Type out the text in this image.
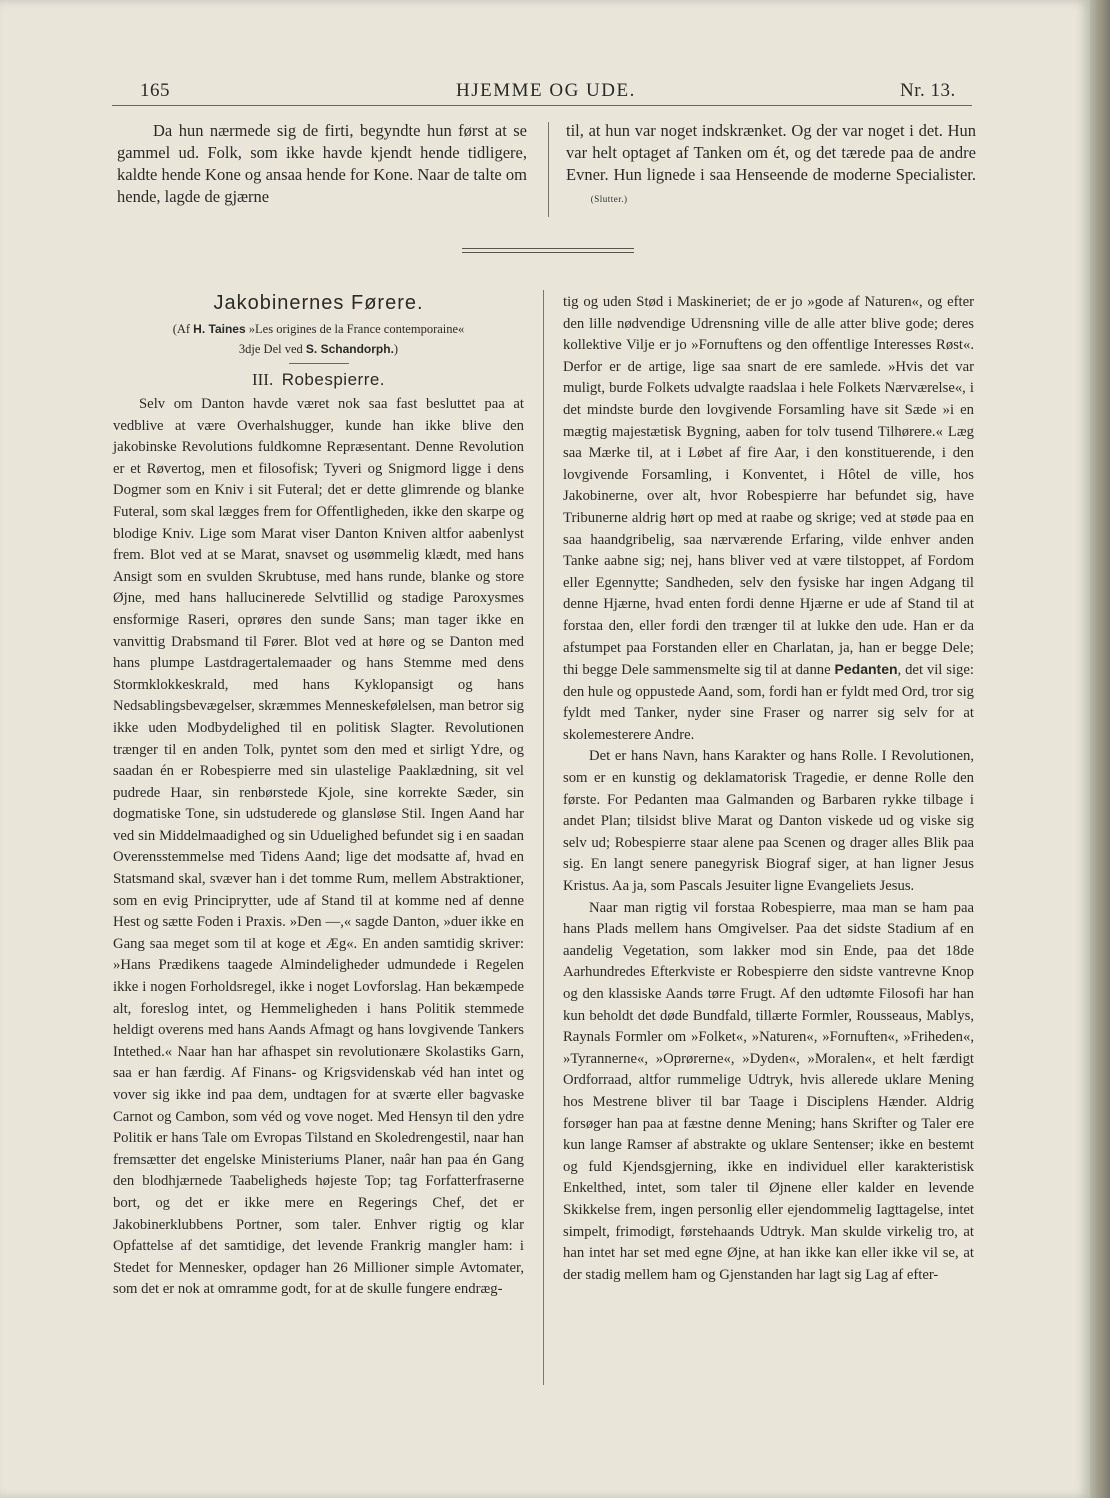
165	HJEMME OG UDE.	Nr. 13.

Da hun nærmede sig de firti, begyndte hun først at se gammel ud. Folk, som ikke havde kjendt hende tidligere, kaldte hende Kone og ansaa hende for Kone. Naar de talte om hende, lagde de gjærne

til, at hun var noget indskrænket. Og der var noget i det. Hun var helt optaget af Tanken om ét, og det tærede paa de andre Evner. Hun lignede i saa Henseende de moderne Specialister.       (Slutter.)

Jakobinernes Førere.
(Af H. Taines »Les origines de la France contemporaine«
3dje Del ved S. Schandorph.)
III. Robespierre.

Selv om Danton havde været nok saa fast besluttet paa at vedblive at være Overhalshugger, kunde han ikke blive den jakobinske Revolutions fuldkomne Repræsentant. Denne Revolution er et Røvertog, men et filosofisk; Tyveri og Snigmord ligge i dens Dogmer som en Kniv i sit Futeral; det er dette glimrende og blanke Futeral, som skal lægges frem for Offentligheden, ikke den skarpe og blodige Kniv. Lige som Marat viser Danton Kniven altfor aabenlyst frem. Blot ved at se Marat, snavset og usømmelig klædt, med hans Ansigt som en svulden Skrubtuse, med hans runde, blanke og store Øjne, med hans hallucinerede Selvtillid og stadige Paroxysmes ensformige Raseri, oprøres den sunde Sans; man tager ikke en vanvittig Drabsmand til Fører. Blot ved at høre og se Danton med hans plumpe Lastdragertalemaader og hans Stemme med dens Stormklokkeskrald, med hans Kyklopansigt og hans Nedsablingsbevægelser, skræmmes Menneskefølelsen, man betror sig ikke uden Modbydelighed til en politisk Slagter. Revolutionen trænger til en anden Tolk, pyntet som den med et sirligt Ydre, og saadan én er Robespierre med sin ulastelige Paaklædning, sit vel pudrede Haar, sin renbørstede Kjole, sine korrekte Sæder, sin dogmatiske Tone, sin udstuderede og glansløse Stil. Ingen Aand har ved sin Middelmaadighed og sin Uduelighed befundet sig i en saadan Overensstemmelse med Tidens Aand; lige det modsatte af, hvad en Statsmand skal, svæver han i det tomme Rum, mellem Abstraktioner, som en evig Principrytter, ude af Stand til at komme ned af denne Hest og sætte Foden i Praxis. »Den —,« sagde Danton, »duer ikke en Gang saa meget som til at koge et Æg«. En anden samtidig skriver: »Hans Prædikens taagede Almindeligheder udmundede i Regelen ikke i nogen Forholdsregel, ikke i noget Lovforslag. Han bekæmpede alt, foreslog intet, og Hemmeligheden i hans Politik stemmede heldigt overens med hans Aands Afmagt og hans lovgivende Tankers Intethed.« Naar han har afhaspet sin revolutionære Skolastiks Garn, saa er han færdig. Af Finans- og Krigsvidenskab véd han intet og vover sig ikke ind paa dem, undtagen for at sværte eller bagvaske Carnot og Cambon, som véd og vove noget. Med Hensyn til den ydre Politik er hans Tale om Evropas Tilstand en Skoledrengestil, naar han fremsætter det engelske Ministeriums Planer, naâr han paa én Gang den blodhjærnede Taabeligheds højeste Top; tag Forfatterfraserne bort, og det er ikke mere en Regerings Chef, det er Jakobinerklubbens Portner, som taler. Enhver rigtig og klar Opfattelse af det samtidige, det levende Frankrig mangler ham: i Stedet for Mennesker, opdager han 26 Millioner simple Avtomater, som det er nok at omramme godt, for at de skulle fungere endræg-

tig og uden Stød i Maskineriet; de er jo »gode af Naturen«, og efter den lille nødvendige Udrensning ville de alle atter blive gode; deres kollektive Vilje er jo »Fornuftens og den offentlige Interesses Røst«. Derfor er de artige, lige saa snart de ere samlede. »Hvis det var muligt, burde Folkets udvalgte raadslaa i hele Folkets Nærværelse«, i det mindste burde den lovgivende Forsamling have sit Sæde »i en mægtig majestætisk Bygning, aaben for tolv tusend Tilhørere.« Læg saa Mærke til, at i Løbet af fire Aar, i den konstituerende, i den lovgivende Forsamling, i Konventet, i Hôtel de ville, hos Jakobinerne, over alt, hvor Robespierre har befundet sig, have Tribunerne aldrig hørt op med at raabe og skrige; ved at støde paa en saa haandgribelig, saa nærværende Erfaring, vilde enhver anden Tanke aabne sig; nej, hans bliver ved at være tilstoppet, af Fordom eller Egennytte; Sandheden, selv den fysiske har ingen Adgang til denne Hjærne, hvad enten fordi denne Hjærne er ude af Stand til at forstaa den, eller fordi den trænger til at lukke den ude. Han er da afstumpet paa Forstanden eller en Charlatan, ja, han er begge Dele; thi begge Dele sammensmelte sig til at danne Pedanten, det vil sige: den hule og oppustede Aand, som, fordi han er fyldt med Ord, tror sig fyldt med Tanker, nyder sine Fraser og narrer sig selv for at skolemesterere Andre.

Det er hans Navn, hans Karakter og hans Rolle. I Revolutionen, som er en kunstig og deklamatorisk Tragedie, er denne Rolle den første. For Pedanten maa Galmanden og Barbaren rykke tilbage i andet Plan; tilsidst blive Marat og Danton viskede ud og viske sig selv ud; Robespierre staar alene paa Scenen og drager alles Blik paa sig. En langt senere panegyrisk Biograf siger, at han ligner Jesus Kristus. Aa ja, som Pascals Jesuiter ligne Evangeliets Jesus.

Naar man rigtig vil forstaa Robespierre, maa man se ham paa hans Plads mellem hans Omgivelser. Paa det sidste Stadium af en aandelig Vegetation, som lakker mod sin Ende, paa det 18de Aarhundredes Efterkviste er Robespierre den sidste vantrevne Knop og den klassiske Aands tørre Frugt. Af den udtømte Filosofi har han kun beholdt det døde Bundfald, tillærte Formler, Rousseaus, Mablys, Raynals Formler om »Folket«, »Naturen«, »Fornuften«, »Friheden«, »Tyrannerne«, »Oprørerne«, »Dyden«, »Moralen«, et helt færdigt Ordforraad, altfor rummelige Udtryk, hvis allerede uklare Mening hos Mestrene bliver til bar Taage i Disciplens Hænder. Aldrig forsøger han paa at fæstne denne Mening; hans Skrifter og Taler ere kun lange Ramser af abstrakte og uklare Sentenser; ikke en bestemt og fuld Kjendsgjerning, ikke en individuel eller karakteristisk Enkelthed, intet, som taler til Øjnene eller kalder en levende Skikkelse frem, ingen personlig eller ejendommelig Iagttagelse, intet simpelt, frimodigt, førstehaands Udtryk. Man skulde virkelig tro, at han intet har set med egne Øjne, at han ikke kan eller ikke vil se, at der stadig mellem ham og Gjenstanden har lagt sig Lag af efter-
